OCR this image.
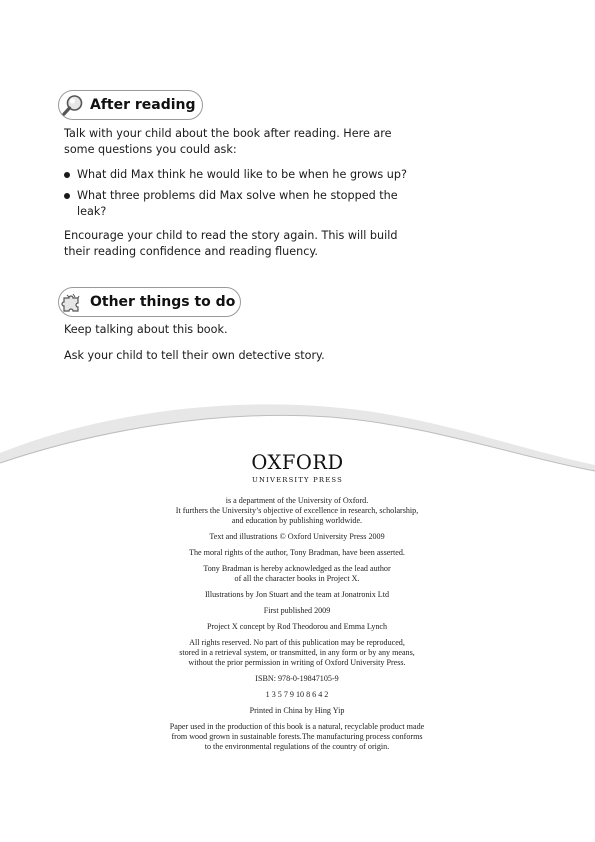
After reading

Talk with your child about the book after reading. Here are some questions you could ask:

What did Max think he would like to be when he grows up?
What three problems did Max solve when he stopped the leak?

Encourage your child to read the story again. This will build their reading confidence and reading fluency.

Other things to do

Keep talking about this book.

Ask your child to tell their own detective story.

OXFORD
UNIVERSITY PRESS

is a department of the University of Oxford.
It furthers the University’s objective of excellence in research, scholarship,
and education by publishing worldwide.

Text and illustrations © Oxford University Press 2009

The moral rights of the author, Tony Bradman, have been asserted.

Tony Bradman is hereby acknowledged as the lead author
of all the character books in Project X.

Illustrations by Jon Stuart and the team at Jonatronix Ltd

First published 2009

Project X concept by Rod Theodorou and Emma Lynch

All rights reserved. No part of this publication may be reproduced,
stored in a retrieval system, or transmitted, in any form or by any means,
without the prior permission in writing of Oxford University Press.

ISBN: 978-0-19847105-9

1 3 5 7 9 10 8 6 4 2

Printed in China by Hing Yip

Paper used in the production of this book is a natural, recyclable product made
from wood grown in sustainable forests.The manufacturing process conforms
to the environmental regulations of the country of origin.
